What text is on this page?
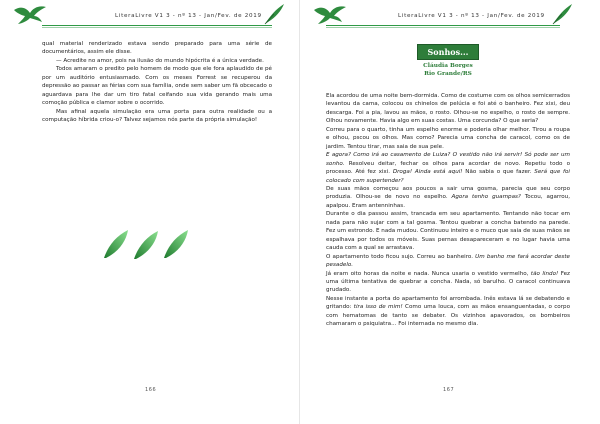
LiteraLivre V1 3 - nº 13 - Jan/Fev. de 2019

qual material renderizado estava sendo preparado para uma série de documentários, assim ele disse.

— Acredite no amor, pois na ilusão do mundo hipócrita é a única verdade.

Todos amaram o predito pelo homem de modo que ele fora aplaudido de pé por um auditório entusiasmado. Com os meses Forrest se recuperou da depressão ao passar as férias com sua família, onde sem saber um fã obcecado o aguardava para lhe dar um tiro fatal ceifando sua vida gerando mais uma comoção pública e clamor sobre o ocorrido.

Mas afinal aquela simulação era uma porta para outra realidade ou a computação híbrida criou-o? Talvez sejamos nós parte da própria simulação!

166
LiteraLivre V1 3 - nº 13 - Jan/Fev. de 2019
Sonhos...
Cláudia Borges
Rio Grande/RS

Ela acordou de uma noite bem-dormida. Como de costume com os olhos semicerrados levantou da cama, colocou os chinelos de pelúcia e foi até o banheiro. Fez xixi, deu descarga. Foi a pia, lavou as mãos, o rosto. Olhou-se no espelho, o rosto de sempre. Olhou novamente. Havia algo em suas costas. Uma corcunda? O que seria?

Correu para o quarto, tinha um espelho enorme e poderia olhar melhor. Tirou a roupa e olhou, pscou os olhos. Mas como? Parecia uma concha de caracol, como os de jardim. Tentou tirar, mas saia de sua pele.

E agora? Como irá ao casamento de Luiza? O vestido não irá servir! Só pode ser um sonho. Resolveu deitar, fechar os olhos para acordar de novo. Repetiu todo o processo. Até fez xixi. Droga! Ainda está aqui! Não sabia o que fazer. Será que foi colocado com supertender?

De suas mãos começou aos poucos a sair uma gosma, parecia que seu corpo produzia. Olhou-se de novo no espelho. Agora tenho guampas? Tocou, agarrou, apalpou. Eram antenninhas.

Durante o dia passou assim, trancada em seu apartamento. Tentando não tocar em nada para não sujar com a tal gosma. Tentou quebrar a concha batendo na parede. Fez um estrondo. E nada mudou. Continuou inteiro e o muco que saia de suas mãos se espalhava por todos os móveis. Suas pernas desapareceram e no lugar havia uma cauda com a qual se arrastava.

O apartamento todo ficou sujo. Correu ao banheiro. Um banho me fará acordar deste pesadelo.

Já eram oito horas da noite e nada. Nunca usaria o vestido vermelho, tão lindo! Fez uma última tentativa de quebrar a concha. Nada, só barulho. O caracol continuava grudado.

Nesse instante a porta do apartamento foi arrombada. Inês estava lá se debatendo e gritando: tira isso de mim! Como uma louca, com as mãos ensanguentadas, o corpo com hematomas de tanto se debater. Os vizinhos apavorados, os bombeiros chamaram o psiquiatra... Foi internada no mesmo dia.

167
